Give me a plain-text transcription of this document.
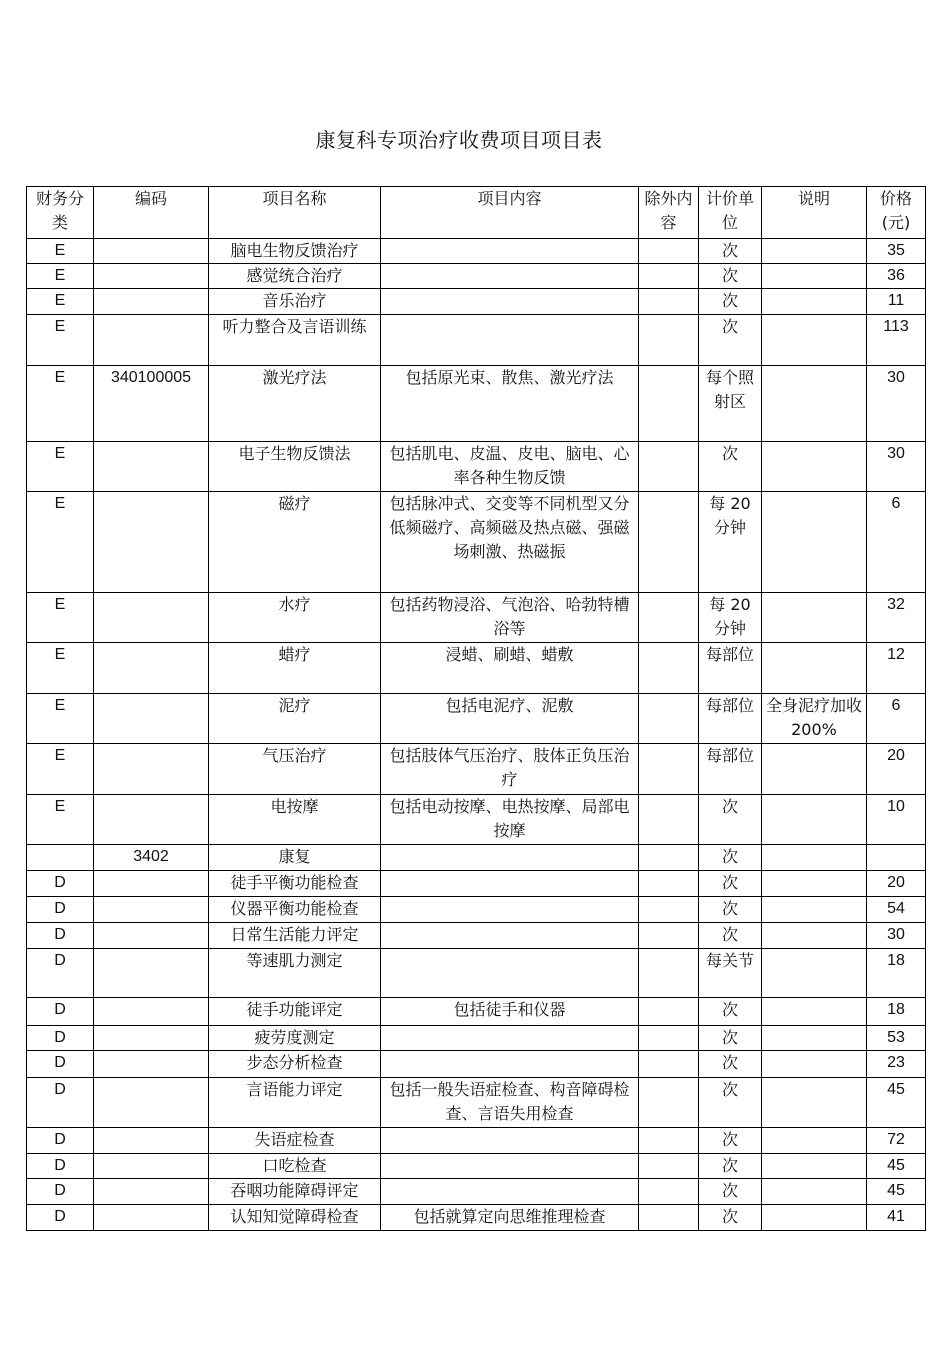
康复科专项治疗收费项目项目表
财务分类	编码	项目名称	项目内容	除外内容	计价单位	说明	价格(元)
E		脑电生物反馈治疗			次		35
E		感觉统合治疗			次		36
E		音乐治疗			次		11
E		听力整合及言语训练			次		113
E	340100005	激光疗法	包括原光束、散焦、激光疗法		每个照射区		30
E		电子生物反馈法	包括肌电、皮温、皮电、脑电、心率各种生物反馈		次		30
E		磁疗	包括脉冲式、交变等不同机型又分低频磁疗、高频磁及热点磁、强磁场刺激、热磁振		每 20 分钟		6
E		水疗	包括药物浸浴、气泡浴、哈勃特槽浴等		每 20 分钟		32
E		蜡疗	浸蜡、刷蜡、蜡敷		每部位		12
E		泥疗	包括电泥疗、泥敷		每部位	全身泥疗加收 200%	6
E		气压治疗	包括肢体气压治疗、肢体正负压治疗		每部位		20
E		电按摩	包括电动按摩、电热按摩、局部电按摩		次		10
	3402	康复			次		
D		徒手平衡功能检查			次		20
D		仪器平衡功能检查			次		54
D		日常生活能力评定			次		30
D		等速肌力测定			每关节		18
D		徒手功能评定	包括徒手和仪器		次		18
D		疲劳度测定			次		53
D		步态分析检查			次		23
D		言语能力评定	包括一般失语症检查、构音障碍检查、言语失用检查		次		45
D		失语症检查			次		72
D		口吃检查			次		45
D		吞咽功能障碍评定			次		45
D		认知知觉障碍检查	包括就算定向思维推理检查		次		41
